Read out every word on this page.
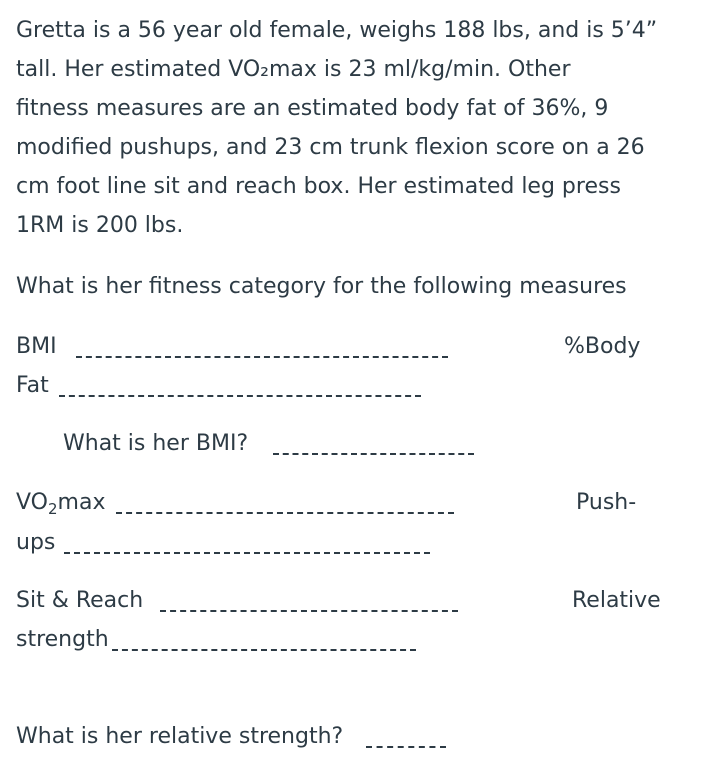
Gretta is a 56 year old female, weighs 188 lbs, and is 5’4”
tall. Her estimated VO₂max is 23 ml/kg/min. Other
fitness measures are an estimated body fat of 36%, 9
modified pushups, and 23 cm trunk flexion score on a 26
cm foot line sit and reach box. Her estimated leg press
1RM is 200 lbs.
What is her fitness category for the following measures
BMI	%Body
Fat
What is her BMI?
$VO_2\max$	Push-
ups
Sit & Reach	Relative
strength
What is her relative strength?
